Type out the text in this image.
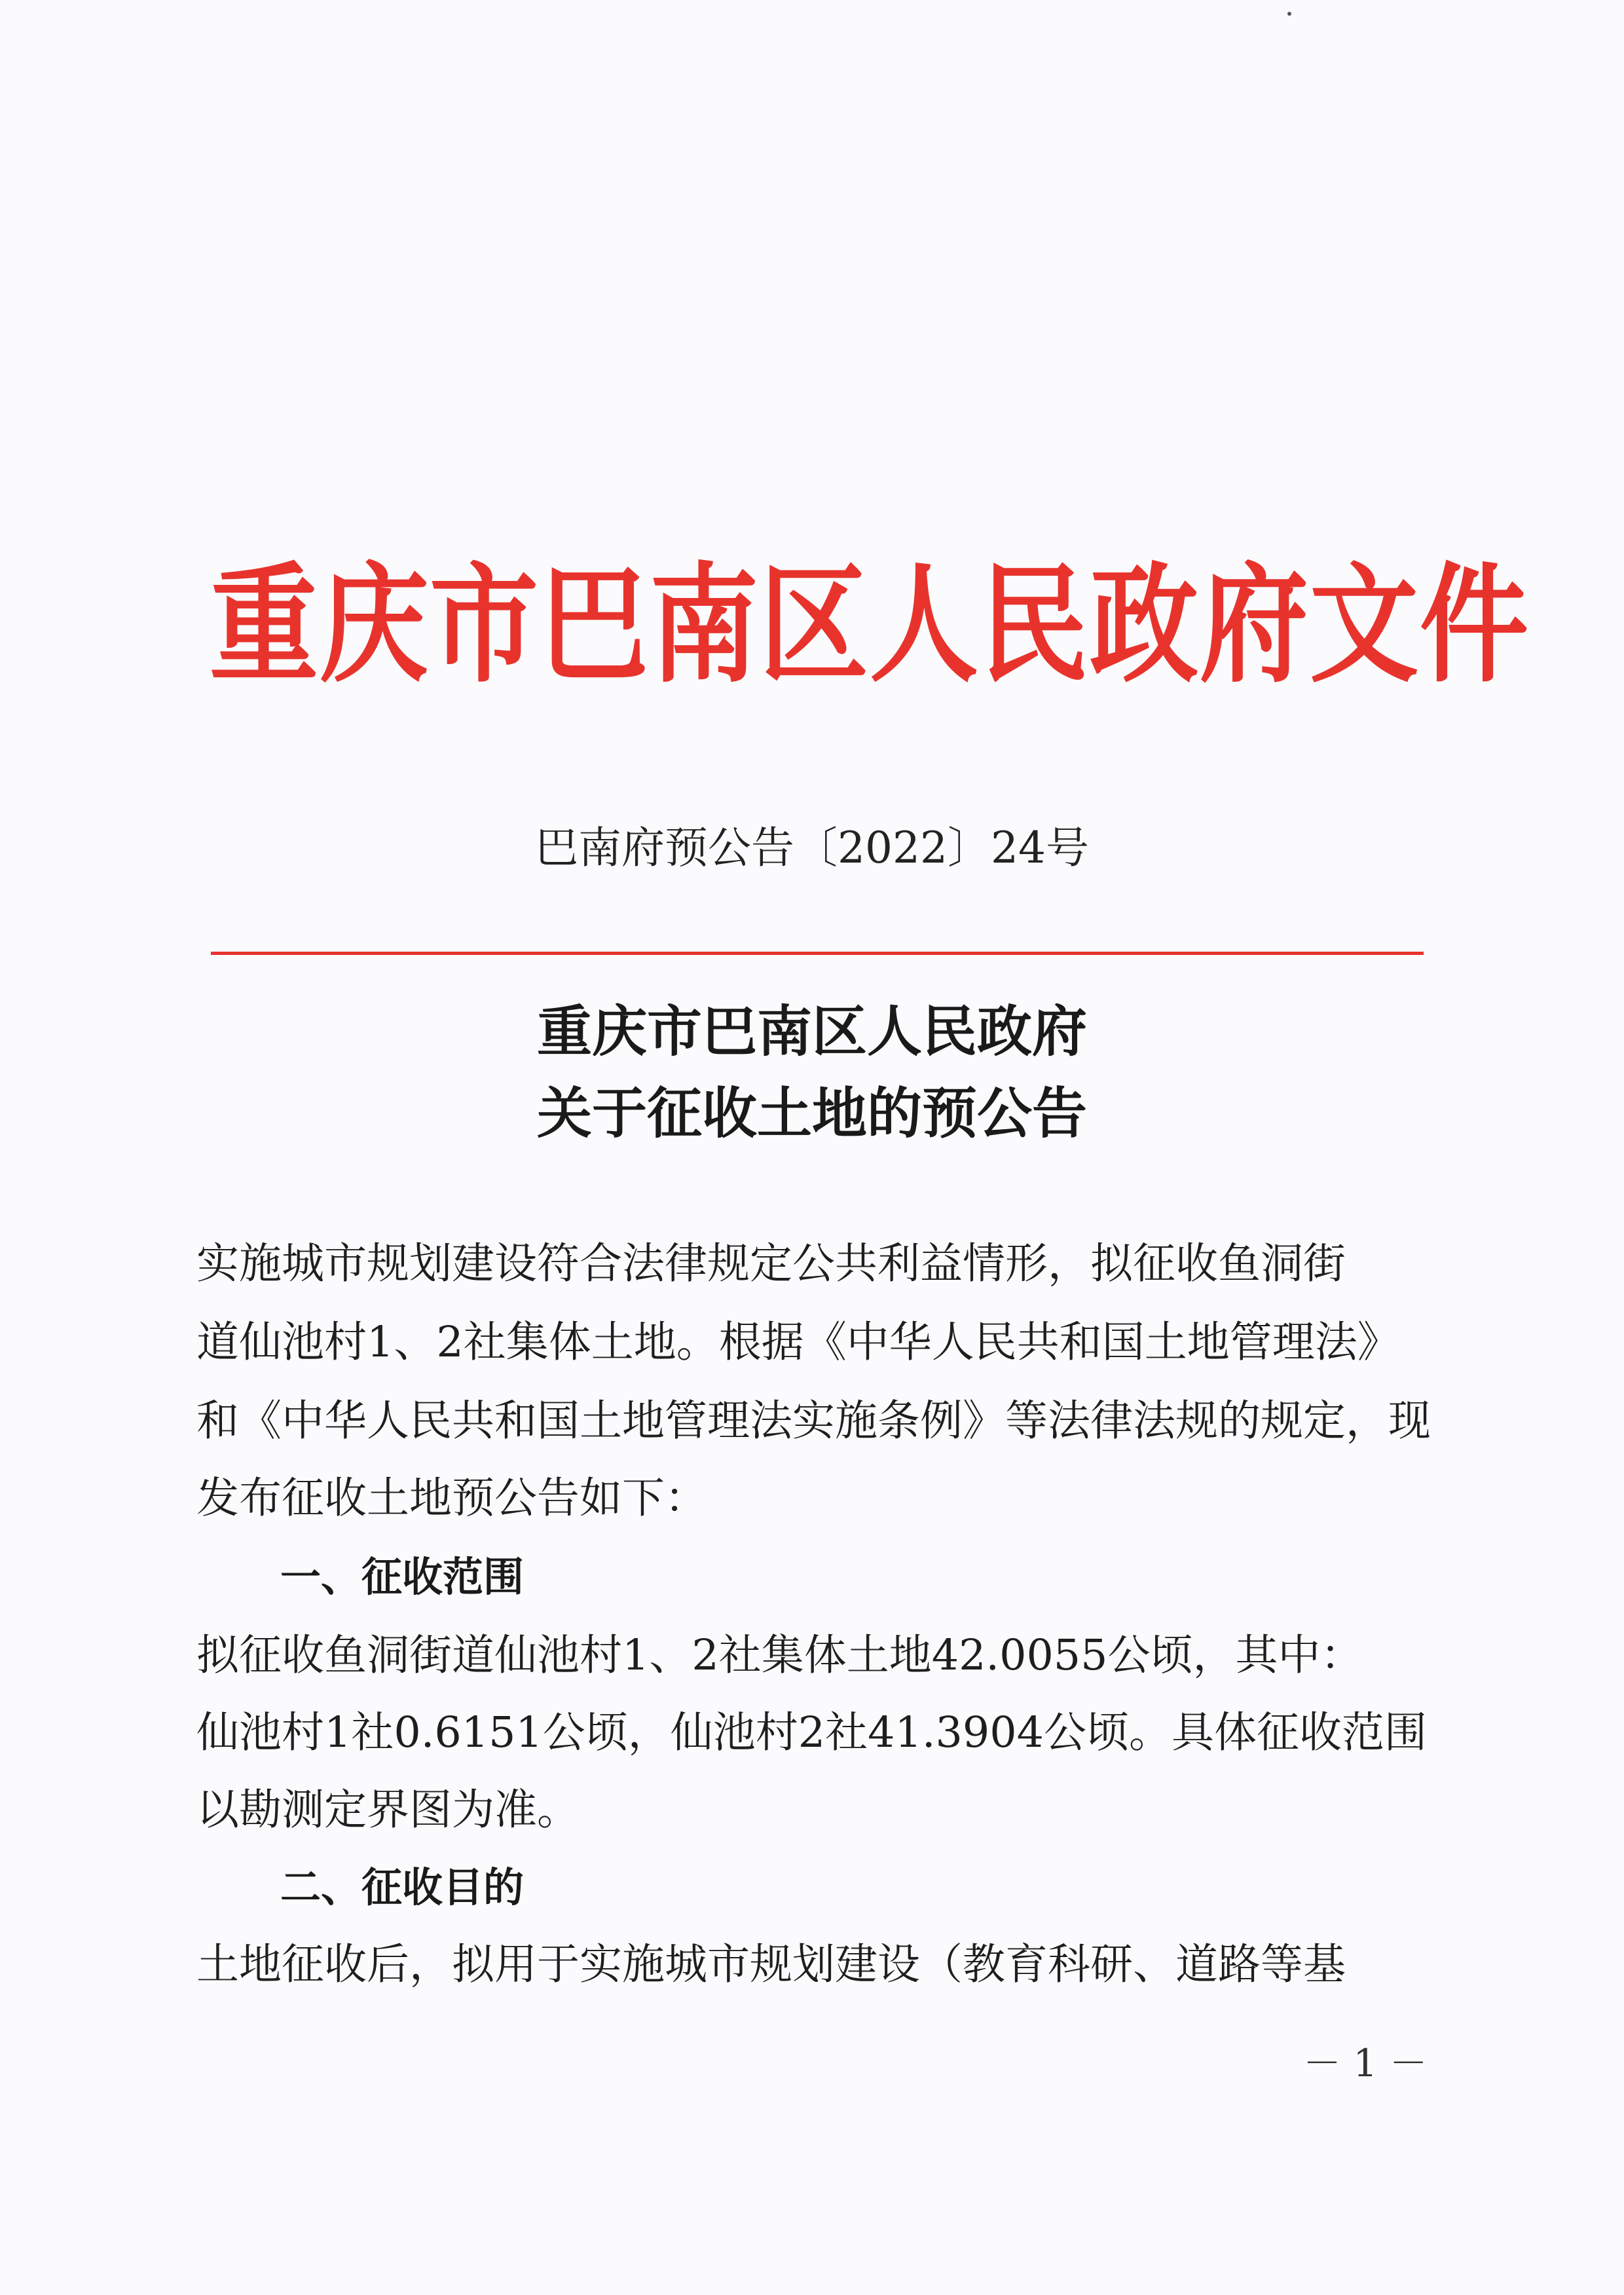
重庆市巴南区人民政府文件
巴南府预公告〔2022〕24号
重庆市巴南区人民政府
关于征收土地的预公告
实施城市规划建设符合法律规定公共利益情形，拟征收鱼洞街
道仙池村1、2社集体土地。根据《中华人民共和国土地管理法》
和《中华人民共和国土地管理法实施条例》等法律法规的规定，现
发布征收土地预公告如下：
一、征收范围
拟征收鱼洞街道仙池村1、2社集体土地42.0055公顷，其中：
仙池村1社0.6151公顷，仙池村2社41.3904公顷。具体征收范围
以勘测定界图为准。
二、征收目的
土地征收后，拟用于实施城市规划建设（教育科研、道路等基
－ 1 －
